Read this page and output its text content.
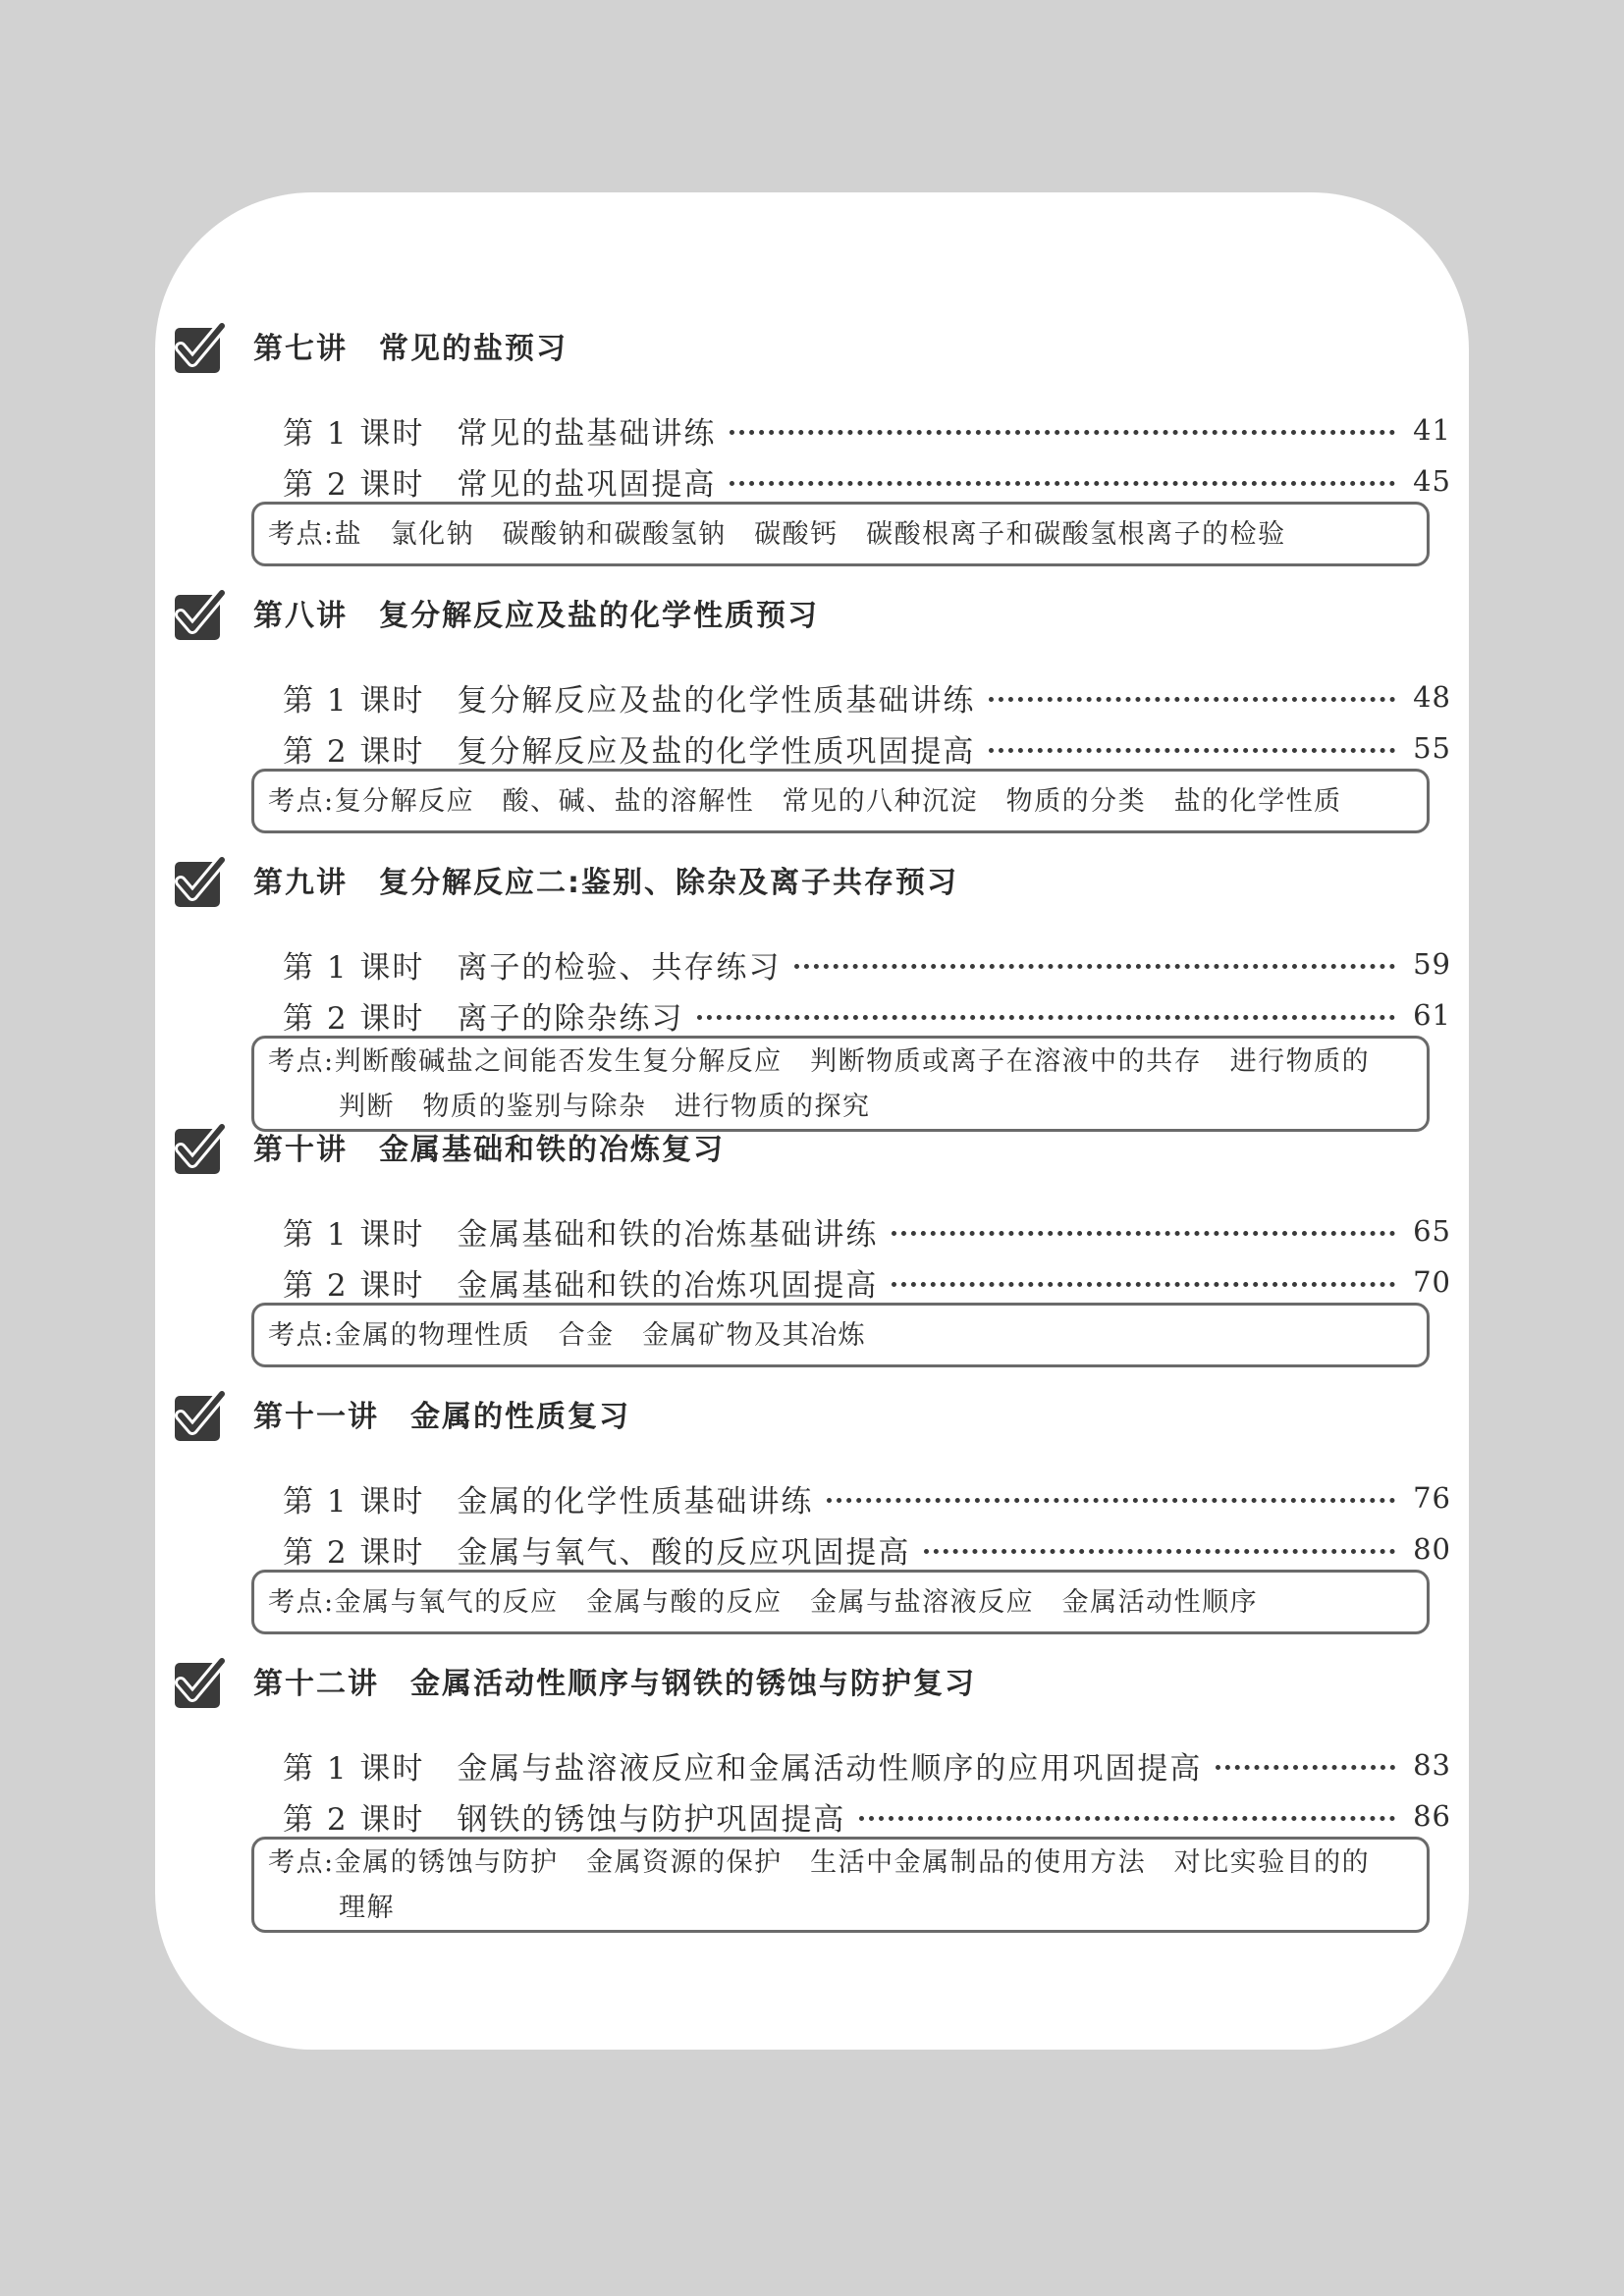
第七讲　常见的盐预习
第 1 课时　常见的盐基础讲练	41
第 2 课时　常见的盐巩固提高	45
考点:盐　氯化钠　碳酸钠和碳酸氢钠　碳酸钙　碳酸根离子和碳酸氢根离子的检验
第八讲　复分解反应及盐的化学性质预习
第 1 课时　复分解反应及盐的化学性质基础讲练	48
第 2 课时　复分解反应及盐的化学性质巩固提高	55
考点:复分解反应　酸、碱、盐的溶解性　常见的八种沉淀　物质的分类　盐的化学性质
第九讲　复分解反应二:鉴别、除杂及离子共存预习
第 1 课时　离子的检验、共存练习	59
第 2 课时　离子的除杂练习	61
考点:判断酸碱盐之间能否发生复分解反应　判断物质或离子在溶液中的共存　进行物质的
判断　物质的鉴别与除杂　进行物质的探究
第十讲　金属基础和铁的冶炼复习
第 1 课时　金属基础和铁的冶炼基础讲练	65
第 2 课时　金属基础和铁的冶炼巩固提高	70
考点:金属的物理性质　合金　金属矿物及其冶炼
第十一讲　金属的性质复习
第 1 课时　金属的化学性质基础讲练	76
第 2 课时　金属与氧气、酸的反应巩固提高	80
考点:金属与氧气的反应　金属与酸的反应　金属与盐溶液反应　金属活动性顺序
第十二讲　金属活动性顺序与钢铁的锈蚀与防护复习
第 1 课时　金属与盐溶液反应和金属活动性顺序的应用巩固提高	83
第 2 课时　钢铁的锈蚀与防护巩固提高	86
考点:金属的锈蚀与防护　金属资源的保护　生活中金属制品的使用方法　对比实验目的的
理解
